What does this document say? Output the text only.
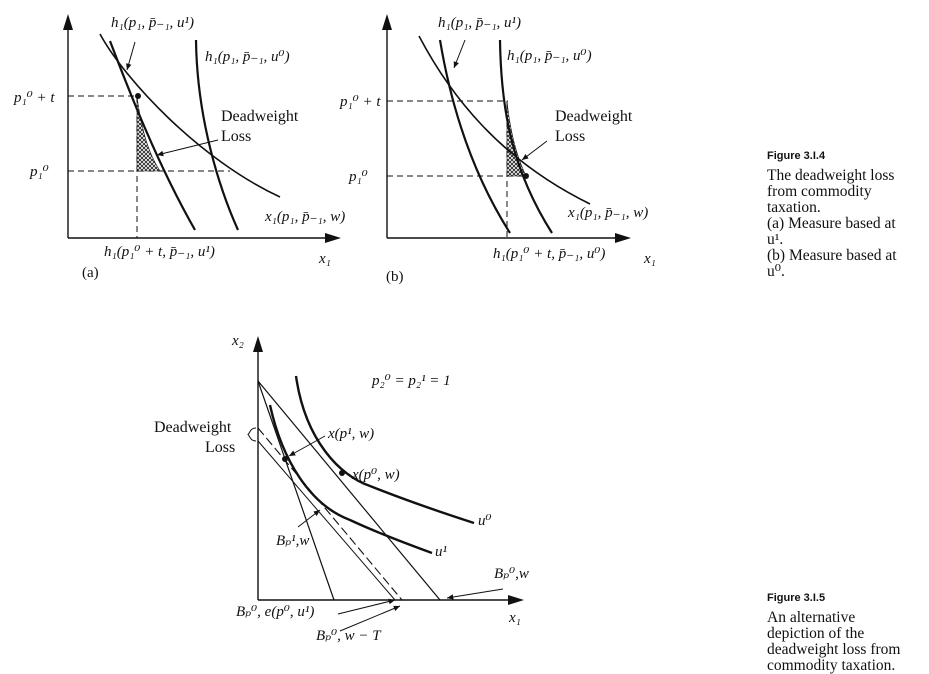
p₁⁰ + t
p₁⁰
h₁(p₁, p̄₋₁, u¹)
h₁(p₁, p̄₋₁, u⁰)
Deadweight
Loss
x₁(p₁, p̄₋₁, w)
h₁(p₁⁰ + t, p̄₋₁, u¹)	x₁
(a)
p₁⁰ + t
p₁⁰
h₁(p₁, p̄₋₁, u¹)
h₁(p₁, p̄₋₁, u⁰)
Deadweight
Loss
x₁(p₁, p̄₋₁, w)
h₁(p₁⁰ + t, p̄₋₁, u⁰)	x₁
(b)
x₂
x₁
p₂⁰ = p₂¹ = 1
Deadweight
Loss
x(p¹, w)
x(p⁰, w)
u⁰
u¹
Bₚ¹,w
Bₚ⁰,w
Bₚ⁰, e(p⁰, u¹)
Bₚ⁰, w − T
Figure 3.I.4
The deadweight loss
from commodity
taxation.
(a) Measure based at
u¹.
(b) Measure based at
u⁰.
Figure 3.I.5
An alternative
depiction of the
deadweight loss from
commodity taxation.
